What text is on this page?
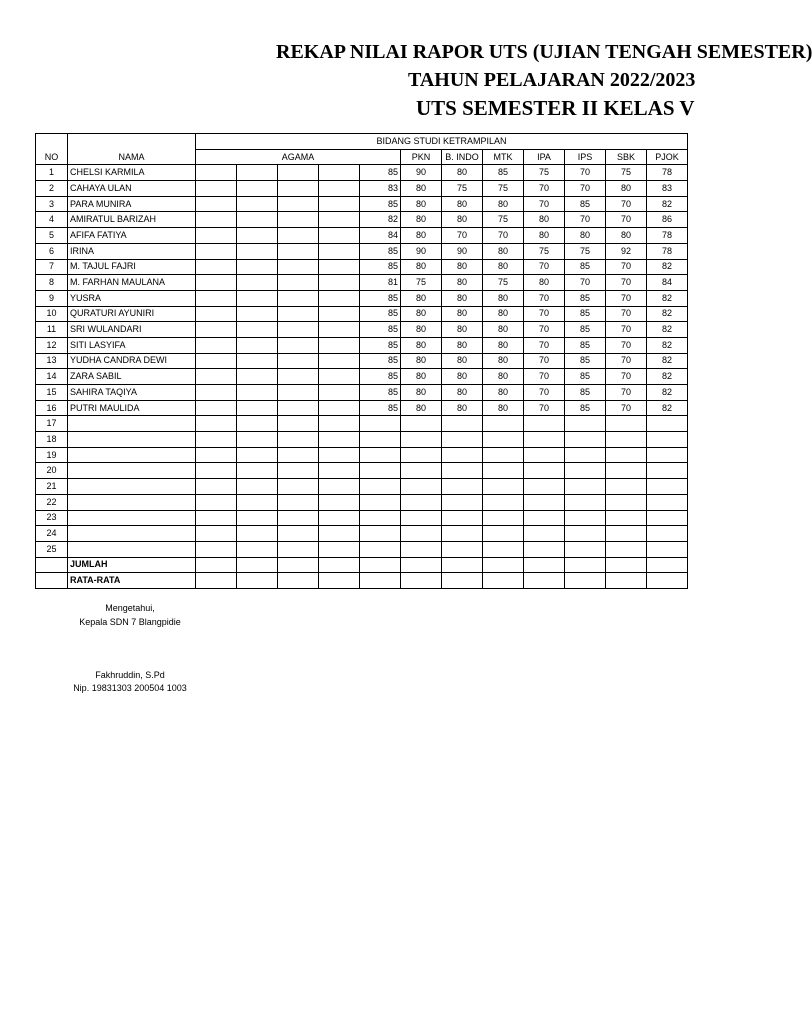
REKAP NILAI RAPOR UTS (UJIAN TENGAH SEMESTER)
TAHUN PELAJARAN 2022/2023
UTS SEMESTER II KELAS V
NO	NAMA	BIDANG STUDI KETRAMPILAN											
		AGAMA					PKN	B. INDO	MTK	IPA	IPS	SBK	PJOK
1	CHELSI KARMILA					85	90	80	85	75	70	75	78
2	CAHAYA ULAN					83	80	75	75	70	70	80	83
3	PARA MUNIRA					85	80	80	80	70	85	70	82
4	AMIRATUL BARIZAH					82	80	80	75	80	70	70	86
5	AFIFA FATIYA					84	80	70	70	80	80	80	78
6	IRINA					85	90	90	80	75	75	92	78
7	M. TAJUL FAJRI					85	80	80	80	70	85	70	82
8	M. FARHAN MAULANA					81	75	80	75	80	70	70	84
9	YUSRA					85	80	80	80	70	85	70	82
10	QURATURI AYUNIRI					85	80	80	80	70	85	70	82
11	SRI WULANDARI					85	80	80	80	70	85	70	82
12	SITI LASYIFA					85	80	80	80	70	85	70	82
13	YUDHA CANDRA DEWI					85	80	80	80	70	85	70	82
14	ZARA SABIL					85	80	80	80	70	85	70	82
15	SAHIRA TAQIYA					85	80	80	80	70	85	70	82
16	PUTRI MAULIDA					85	80	80	80	70	85	70	82
17													
18													
19													
20													
21													
22													
23													
24													
25													
	JUMLAH												
	RATA-RATA												
Mengetahui,
Kepala SDN 7 Blangpidie
Fakhruddin, S.Pd
Nip. 19831303 200504 1003
